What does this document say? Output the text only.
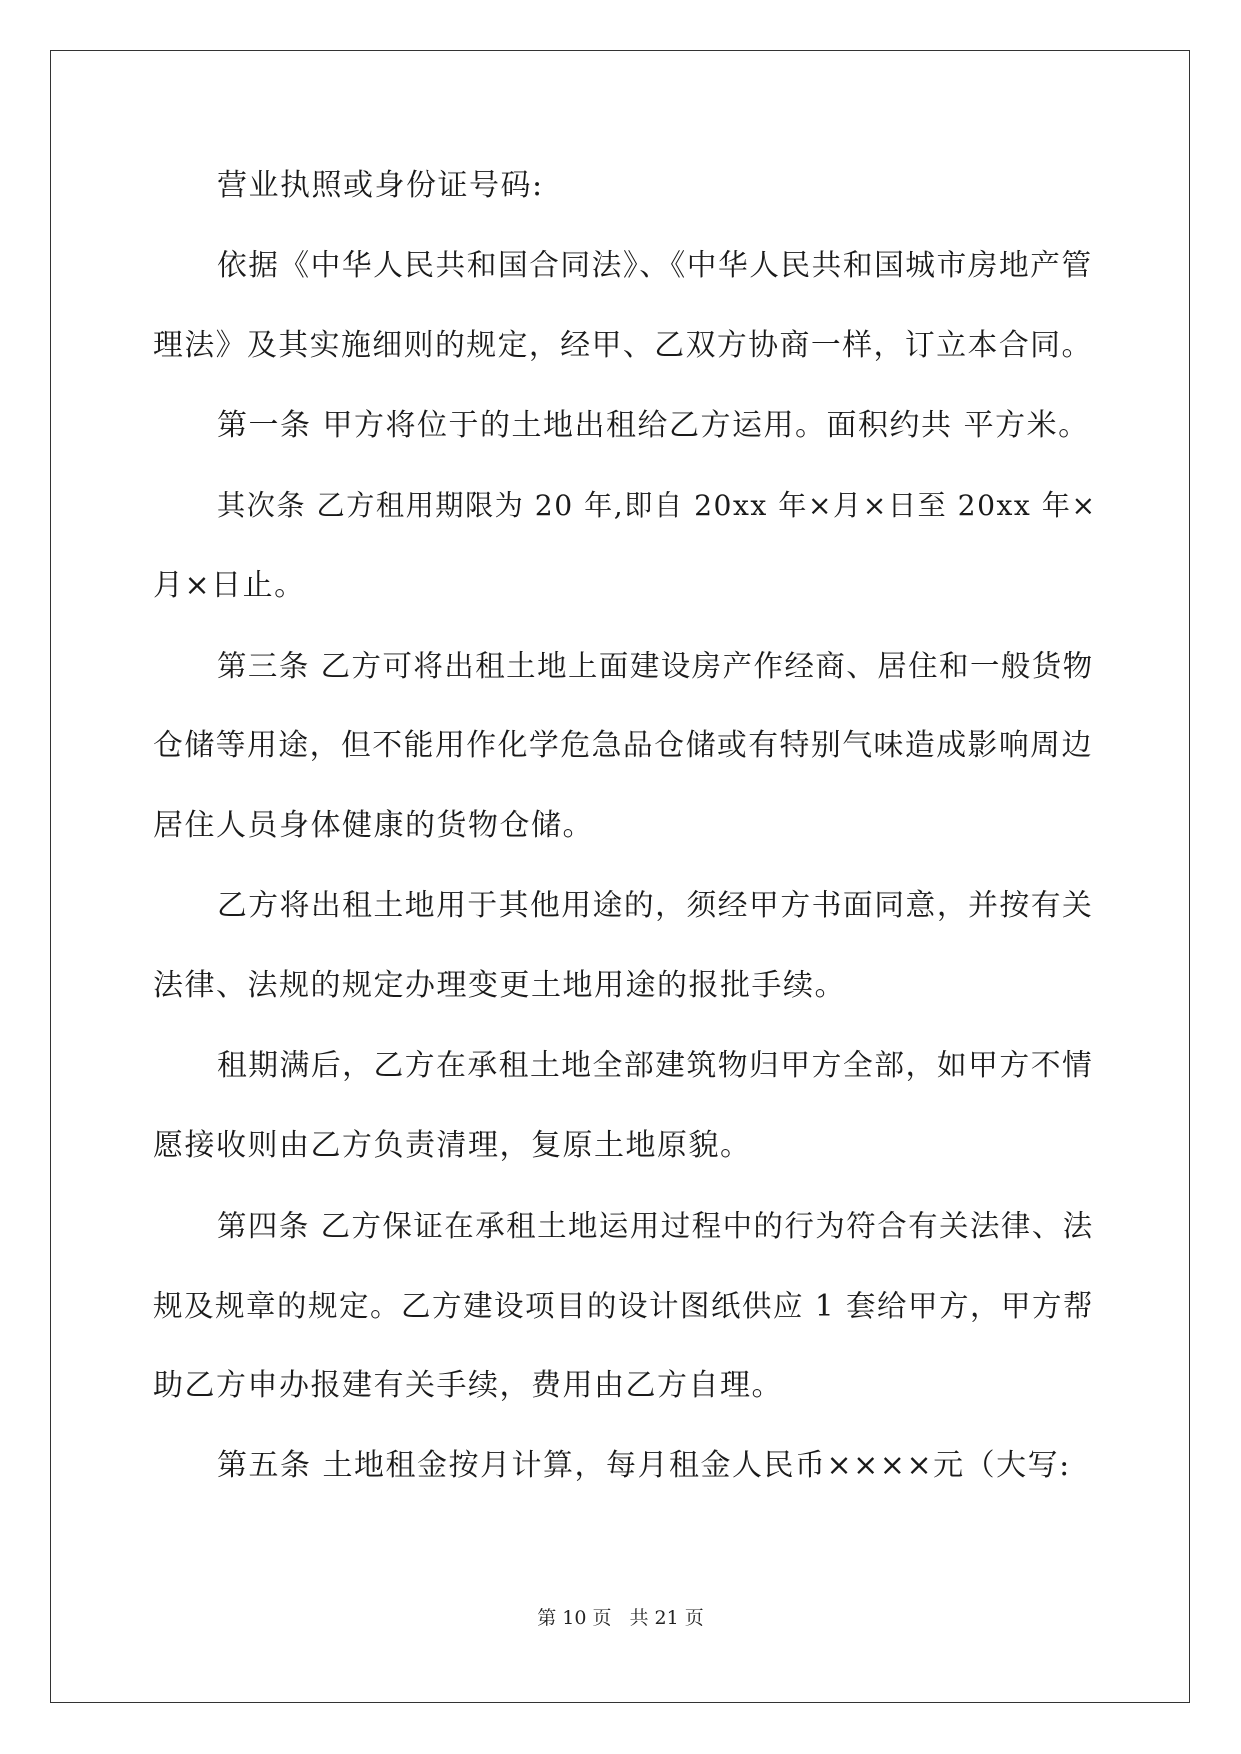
营业执照或身份证号码:
依据《中华人民共和国合同法》、《中华人民共和国城市房地产管
理法》及其实施细则的规定，经甲、乙双方协商一样，订立本合同。
第一条 甲方将位于的土地出租给乙方运用。面积约共 平方米。
其次条 乙方租用期限为 20 年,即自 20xx 年×月×日至 20xx 年×
月×日止。
第三条 乙方可将出租土地上面建设房产作经商、居住和一般货物
仓储等用途，但不能用作化学危急品仓储或有特别气味造成影响周边
居住人员身体健康的货物仓储。
乙方将出租土地用于其他用途的，须经甲方书面同意，并按有关
法律、法规的规定办理变更土地用途的报批手续。
租期满后，乙方在承租土地全部建筑物归甲方全部，如甲方不情
愿接收则由乙方负责清理，复原土地原貌。
第四条 乙方保证在承租土地运用过程中的行为符合有关法律、法
规及规章的规定。乙方建设项目的设计图纸供应 1 套给甲方，甲方帮
助乙方申办报建有关手续，费用由乙方自理。
第五条 土地租金按月计算，每月租金人民币××××元（大写:
第 10 页 共 21 页
